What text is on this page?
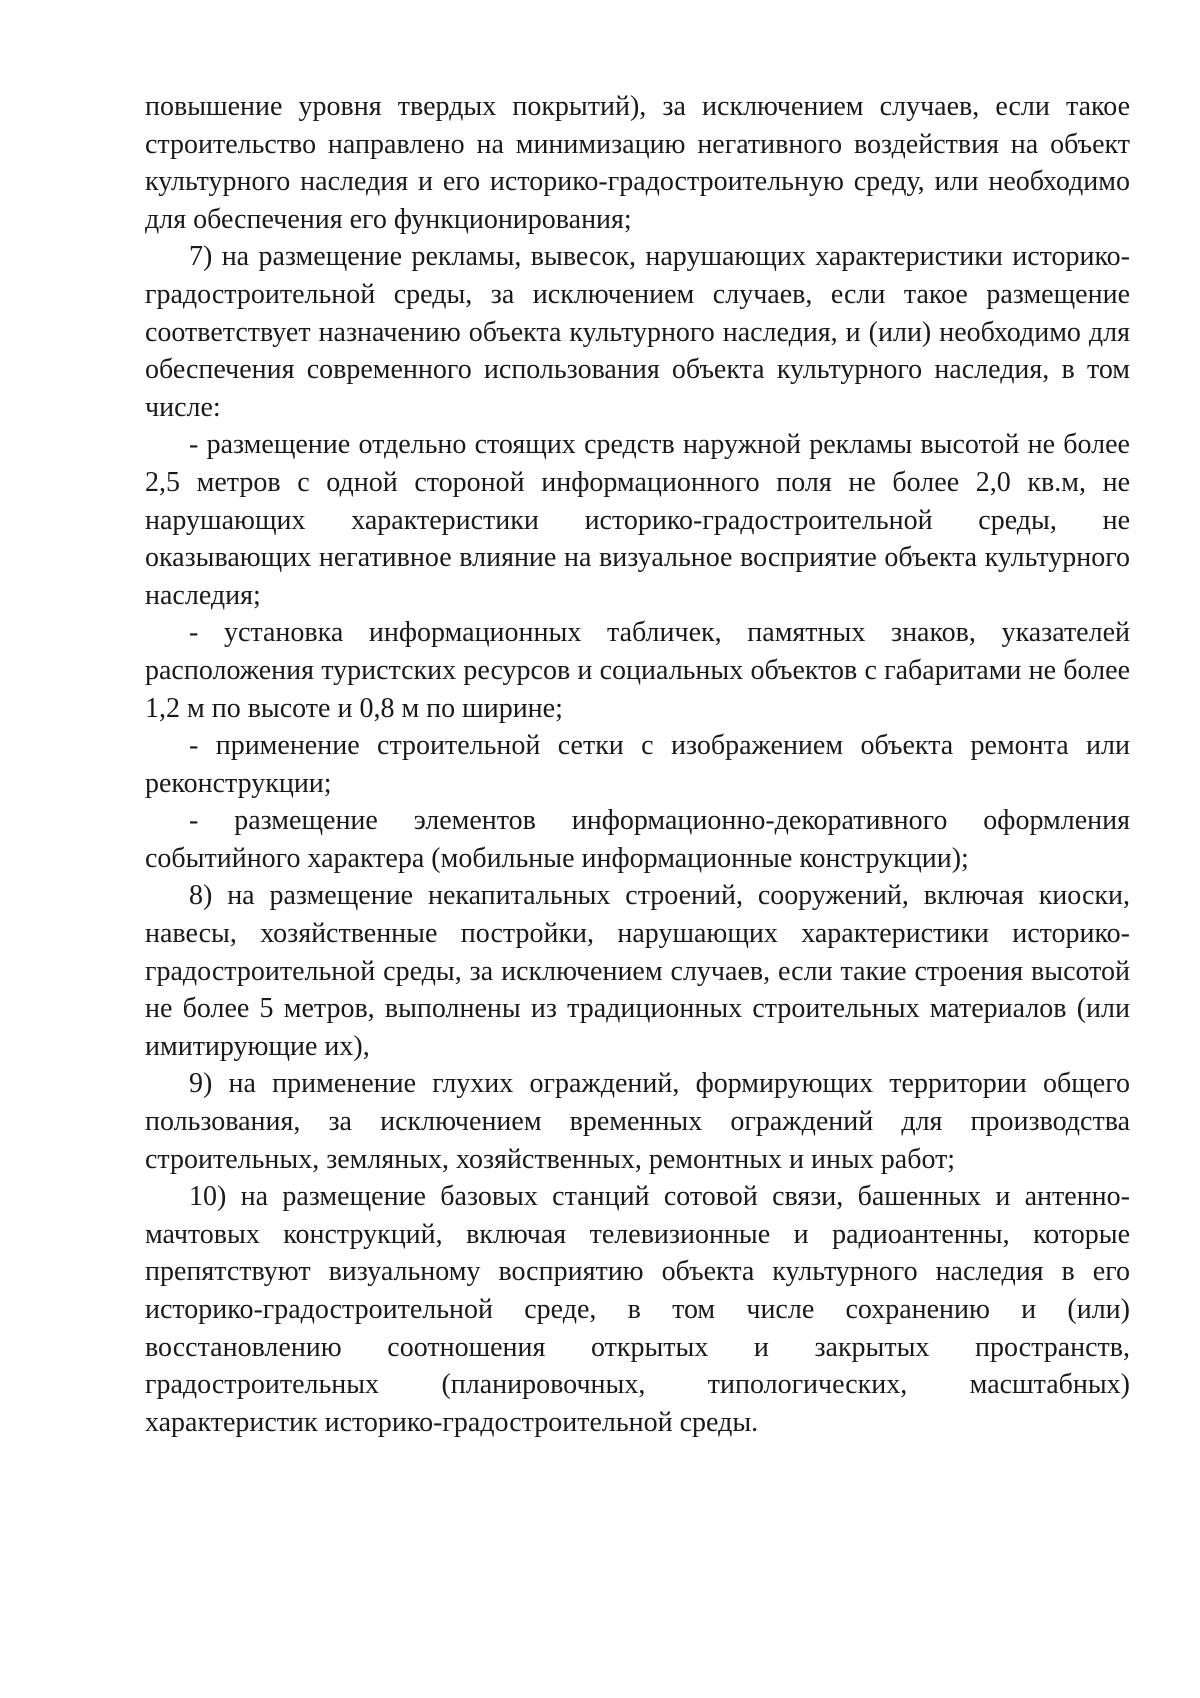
повышение уровня твердых покрытий), за исключением случаев, если такое строительство направлено на минимизацию негативного воздействия на объект культурного наследия и его историко-градостроительную среду, или необходимо для обеспечения его функционирования;

7) на размещение рекламы, вывесок, нарушающих характеристики историко-градостроительной среды, за исключением случаев, если такое размещение соответствует назначению объекта культурного наследия, и (или) необходимо для обеспечения современного использования объекта культурного наследия, в том числе:

- размещение отдельно стоящих средств наружной рекламы высотой не более 2,5 метров с одной стороной информационного поля не более 2,0 кв.м, не нарушающих характеристики историко-градостроительной среды, не оказывающих негативное влияние на визуальное восприятие объекта культурного наследия;

- установка информационных табличек, памятных знаков, указателей расположения туристских ресурсов и социальных объектов с габаритами не более 1,2 м по высоте и 0,8 м по ширине;

- применение строительной сетки с изображением объекта ремонта или реконструкции;

- размещение элементов информационно-декоративного оформления событийного характера (мобильные информационные конструкции);

8) на размещение некапитальных строений, сооружений, включая киоски, навесы, хозяйственные постройки, нарушающих характеристики историко-градостроительной среды, за исключением случаев, если такие строения высотой не более 5 метров, выполнены из традиционных строительных материалов (или имитирующие их),

9) на применение глухих ограждений, формирующих территории общего пользования, за исключением временных ограждений для производства строительных, земляных, хозяйственных, ремонтных и иных работ;

10) на размещение базовых станций сотовой связи, башенных и антенно-мачтовых конструкций, включая телевизионные и радиоантенны, которые препятствуют визуальному восприятию объекта культурного наследия в его историко-градостроительной среде, в том числе сохранению и (или) восстановлению соотношения открытых и закрытых пространств, градостроительных (планировочных, типологических, масштабных) характеристик историко-градостроительной среды.
